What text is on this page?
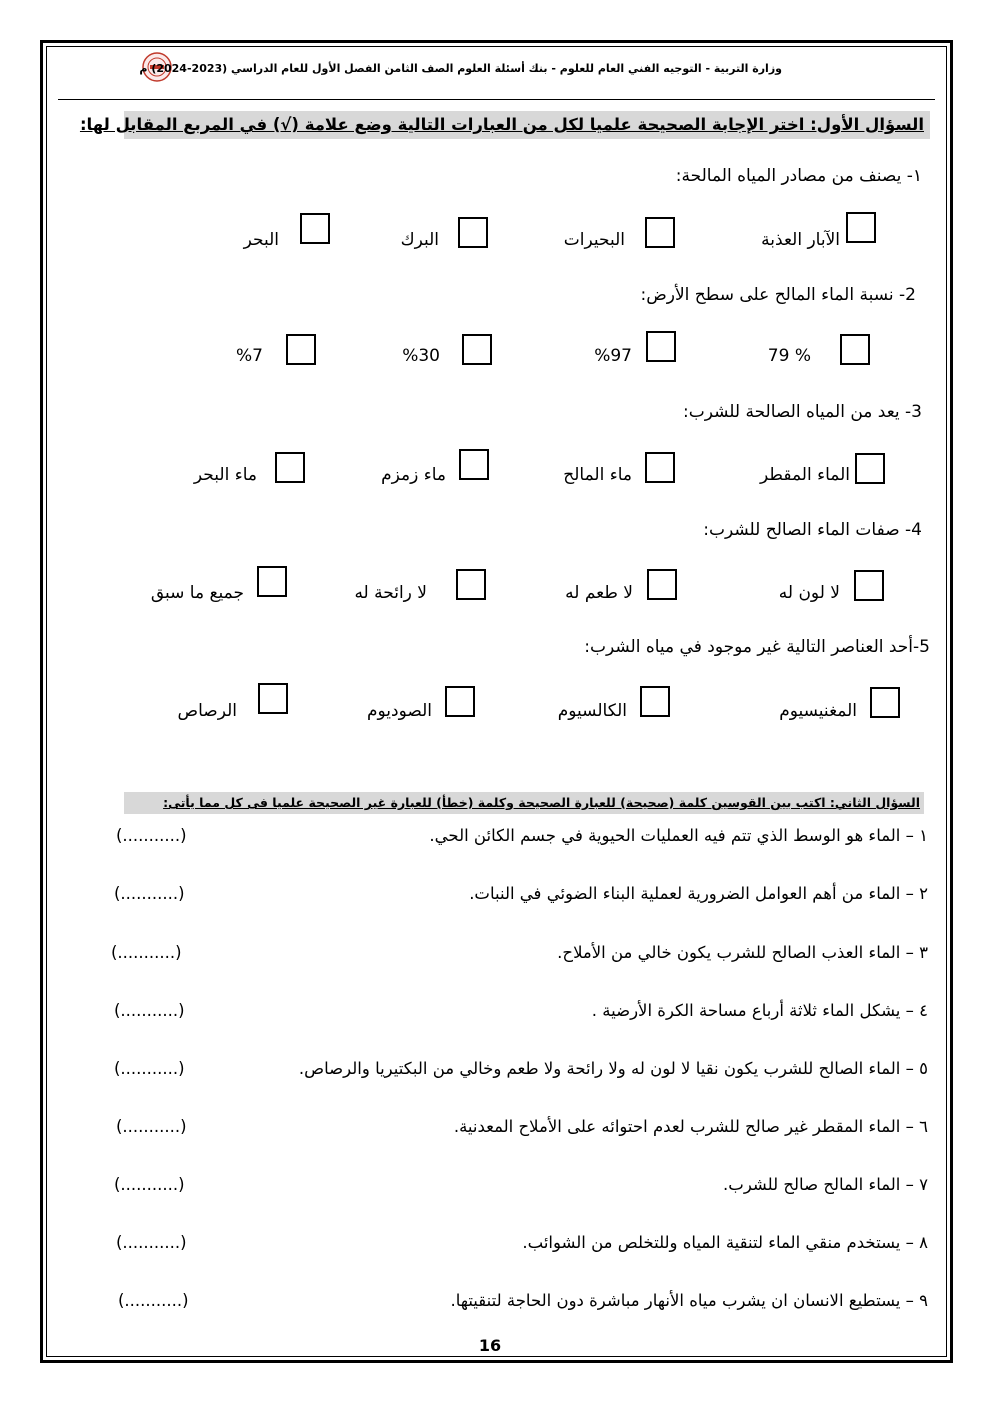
وزارة التربية - التوجيه الفني العام للعلوم - بنك أسئلة العلوم الصف الثامن الفصل الأول للعام الدراسي (2023-2024) م
السؤال الأول: اختر الإجابة الصحيحة علميا لكل من العبارات التالية وضع علامة (√) في المربع المقابل لها:
١- يصنف من مصادر المياه المالحة:
الآبار العذبة
البحيرات
البرك
البحر
2- نسبة الماء المالح على سطح الأرض:
% 79
%97
%30
%7
3- يعد من المياه الصالحة للشرب:
الماء المقطر
ماء المالح
ماء زمزم
ماء البحر
4- صفات الماء الصالح للشرب:
لا لون له
لا طعم له
لا رائحة له
جميع ما سبق
5-أحد العناصر التالية غير موجود في مياه الشرب:
المغنيسيوم
الكالسيوم
الصوديوم
الرصاص
السؤال الثاني: اكتب بين القوسين كلمة (صحيحة) للعبارة الصحيحة وكلمة (خطأ) للعبارة غير الصحيحة علميا فى كل مما يأتى:
١ – الماء هو الوسط الذي تتم فيه العمليات الحيوية في جسم الكائن الحي.
(...........)
٢ – الماء من أهم العوامل الضرورية لعملية البناء الضوئي في النبات.
(...........)
٣ – الماء العذب الصالح للشرب يكون خالي من الأملاح.
(...........)
٤ – يشكل الماء ثلاثة أرباع مساحة الكرة الأرضية .
(...........)
٥ – الماء الصالح للشرب يكون نقيا لا لون له ولا رائحة ولا طعم وخالي من البكتيريا والرصاص.
(...........)
٦ – الماء المقطر غير صالح للشرب لعدم احتوائه على الأملاح المعدنية.
(...........)
٧ – الماء المالح صالح للشرب.
(...........)
٨ – يستخدم منقي الماء لتنقية المياه وللتخلص من الشوائب.
(...........)
٩ – يستطيع الانسان ان يشرب مياه الأنهار مباشرة دون الحاجة لتنقيتها.
(...........)
16
